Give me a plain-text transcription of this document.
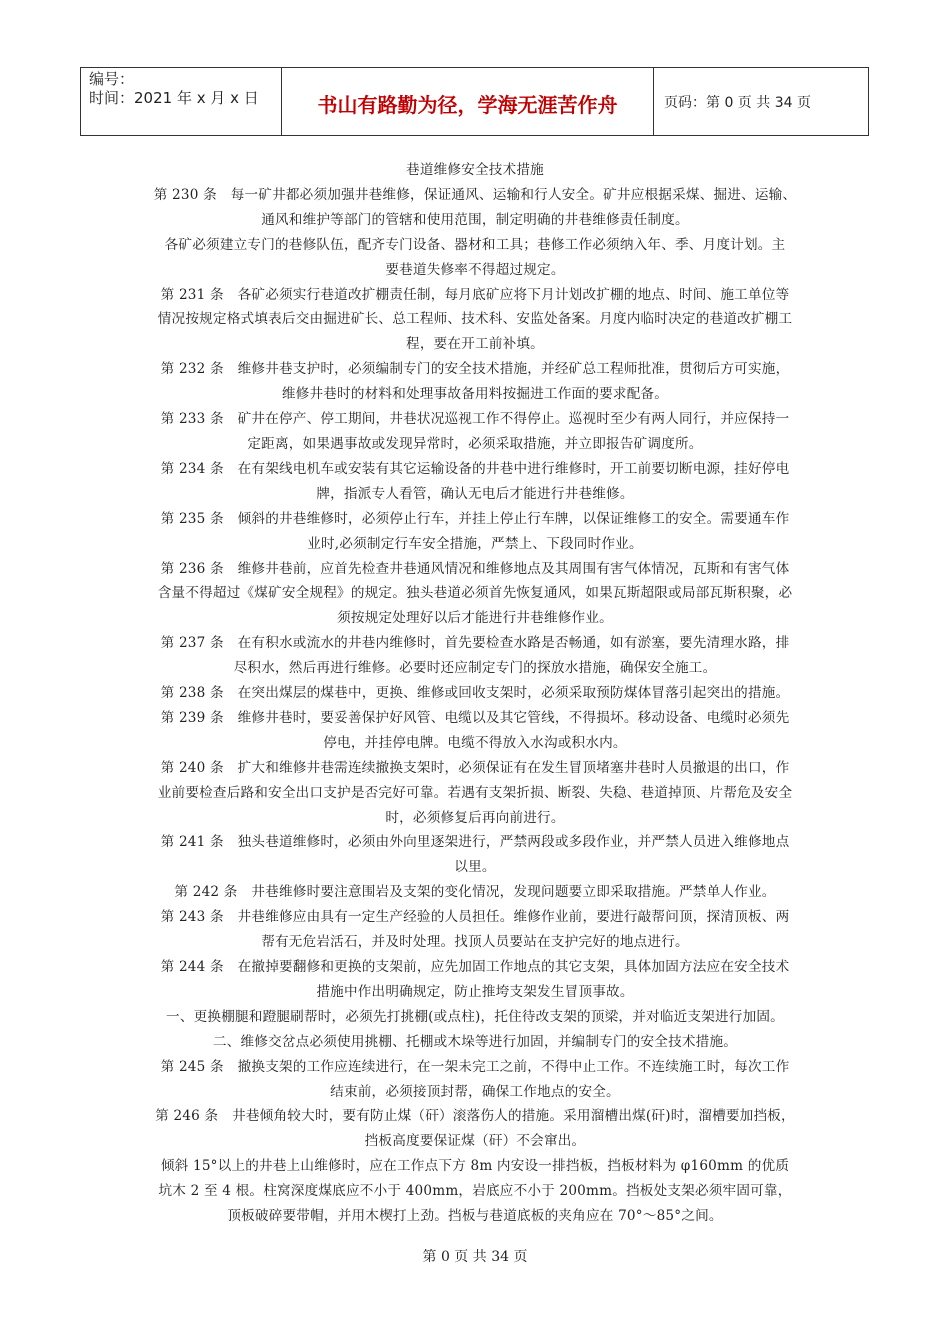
编号：
时间：2021 年 x 月 x 日	书山有路勤为径，学海无涯苦作舟	页码：第 0 页 共 34 页
巷道维修安全技术措施
第 230 条　每一矿井都必须加强井巷维修，保证通风、运输和行人安全。矿井应根据采煤、掘进、运输、
通风和维护等部门的管辖和使用范围，制定明确的井巷维修责任制度。
各矿必须建立专门的巷修队伍，配齐专门设备、器材和工具；巷修工作必须纳入年、季、月度计划。主
要巷道失修率不得超过规定。
第 231 条　各矿必须实行巷道改扩棚责任制，每月底矿应将下月计划改扩棚的地点、时间、施工单位等
情况按规定格式填表后交由掘进矿长、总工程师、技术科、安监处备案。月度内临时决定的巷道改扩棚工
程，要在开工前补填。
第 232 条　维修井巷支护时，必须编制专门的安全技术措施，并经矿总工程师批准，贯彻后方可实施，
维修井巷时的材料和处理事故备用料按掘进工作面的要求配备。
第 233 条　矿井在停产、停工期间，井巷状况巡视工作不得停止。巡视时至少有两人同行，并应保持一
定距离，如果遇事故或发现异常时，必须采取措施，并立即报告矿调度所。
第 234 条　在有架线电机车或安装有其它运输设备的井巷中进行维修时，开工前要切断电源，挂好停电
牌，指派专人看管，确认无电后才能进行井巷维修。
第 235 条　倾斜的井巷维修时，必须停止行车，并挂上停止行车牌，以保证维修工的安全。需要通车作
业时,必须制定行车安全措施，严禁上、下段同时作业。
第 236 条　维修井巷前，应首先检查井巷通风情况和维修地点及其周围有害气体情况，瓦斯和有害气体
含量不得超过《煤矿安全规程》的规定。独头巷道必须首先恢复通风，如果瓦斯超限或局部瓦斯积聚，必
须按规定处理好以后才能进行井巷维修作业。
第 237 条　在有积水或流水的井巷内维修时，首先要检查水路是否畅通，如有淤塞，要先清理水路，排
尽积水，然后再进行维修。必要时还应制定专门的探放水措施，确保安全施工。
第 238 条　在突出煤层的煤巷中，更换、维修或回收支架时，必须采取预防煤体冒落引起突出的措施。
第 239 条　维修井巷时，要妥善保护好风管、电缆以及其它管线，不得损坏。移动设备、电缆时必须先
停电，并挂停电牌。电缆不得放入水沟或积水内。
第 240 条　扩大和维修井巷需连续撤换支架时，必须保证有在发生冒顶堵塞井巷时人员撤退的出口，作
业前要检查后路和安全出口支护是否完好可靠。若遇有支架折损、断裂、失稳、巷道掉顶、片帮危及安全
时，必须修复后再向前进行。
第 241 条　独头巷道维修时，必须由外向里逐架进行，严禁两段或多段作业，并严禁人员进入维修地点
以里。
第 242 条　井巷维修时要注意围岩及支架的变化情况，发现问题要立即采取措施。严禁单人作业。
第 243 条　井巷维修应由具有一定生产经验的人员担任。维修作业前，要进行敲帮问顶，探清顶板、两
帮有无危岩活石，并及时处理。找顶人员要站在支护完好的地点进行。
第 244 条　在撤掉要翻修和更换的支架前，应先加固工作地点的其它支架，具体加固方法应在安全技术
措施中作出明确规定，防止推垮支架发生冒顶事故。
一、更换棚腿和蹬腿刷帮时，必须先打挑棚(或点柱)，托住待改支架的顶梁，并对临近支架进行加固。
二、维修交岔点必须使用挑棚、托棚或木垛等进行加固，并编制专门的安全技术措施。
第 245 条　撤换支架的工作应连续进行，在一架未完工之前，不得中止工作。不连续施工时，每次工作
结束前，必须接顶封帮，确保工作地点的安全。
第 246 条　井巷倾角较大时，要有防止煤（矸）滚落伤人的措施。采用溜槽出煤(矸)时，溜槽要加挡板，
挡板高度要保证煤（矸）不会窜出。
倾斜 15°以上的井巷上山维修时，应在工作点下方 8m 内安设一排挡板，挡板材料为 φ160mm 的优质
坑木 2 至 4 根。柱窝深度煤底应不小于 400mm，岩底应不小于 200mm。挡板处支架必须牢固可靠，
顶板破碎要带帽，并用木楔打上劲。挡板与巷道底板的夹角应在 70°～85°之间。
第 0 页 共 34 页
